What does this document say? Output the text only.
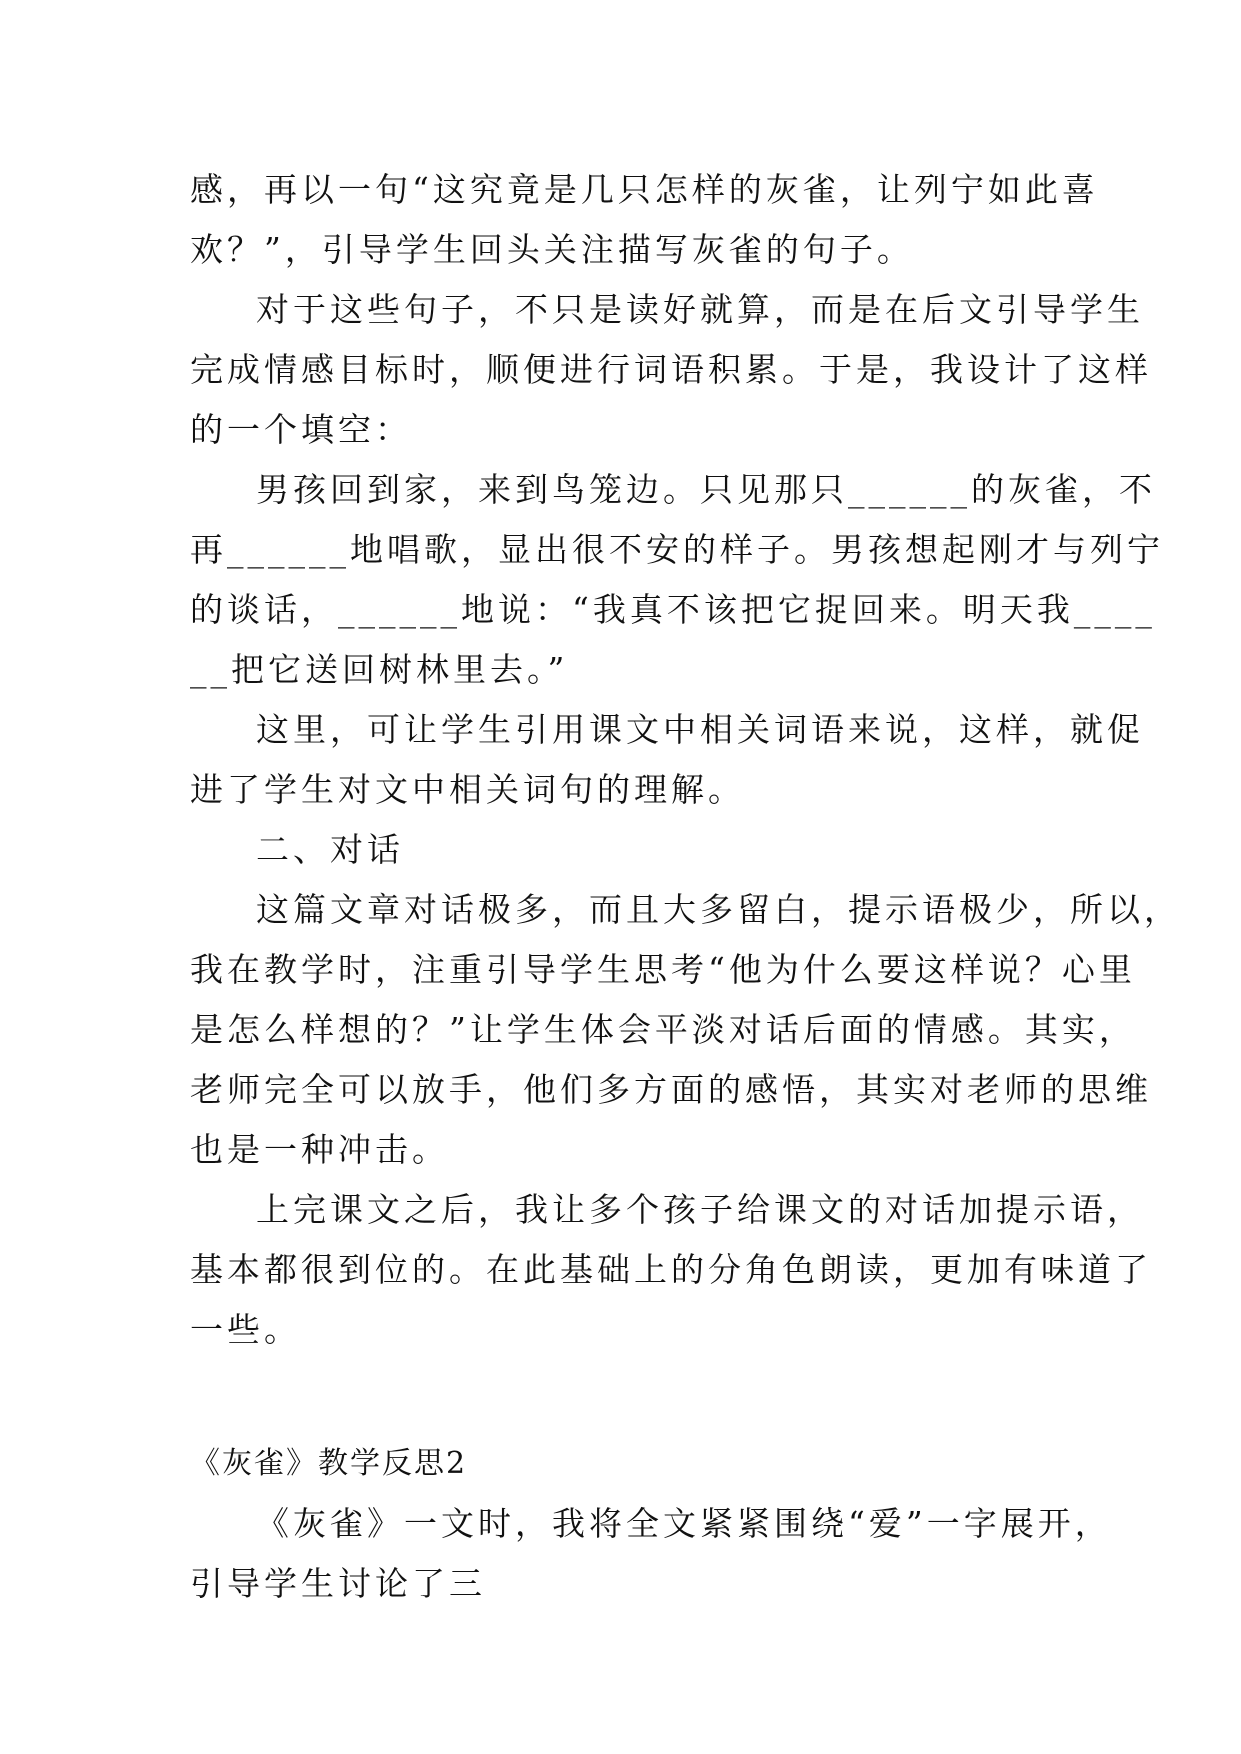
感，再以一句“这究竟是几只怎样的灰雀，让列宁如此喜
欢？”，引导学生回头关注描写灰雀的句子。
对于这些句子，不只是读好就算，而是在后文引导学生
完成情感目标时，顺便进行词语积累。于是，我设计了这样
的一个填空：
男孩回到家，来到鸟笼边。只见那只______的灰雀，不
再______地唱歌，显出很不安的样子。男孩想起刚才与列宁
的谈话，______地说：“我真不该把它捉回来。明天我____
__把它送回树林里去。”
这里，可让学生引用课文中相关词语来说，这样，就促
进了学生对文中相关词句的理解。
二、对话
这篇文章对话极多，而且大多留白，提示语极少，所以，
我在教学时，注重引导学生思考“他为什么要这样说？心里
是怎么样想的？”让学生体会平淡对话后面的情感。其实，
老师完全可以放手，他们多方面的感悟，其实对老师的思维
也是一种冲击。
上完课文之后，我让多个孩子给课文的对话加提示语，
基本都很到位的。在此基础上的分角色朗读，更加有味道了
一些。
《灰雀》教学反思2
《灰雀》一文时，我将全文紧紧围绕“爱”一字展开，
引导学生讨论了三
